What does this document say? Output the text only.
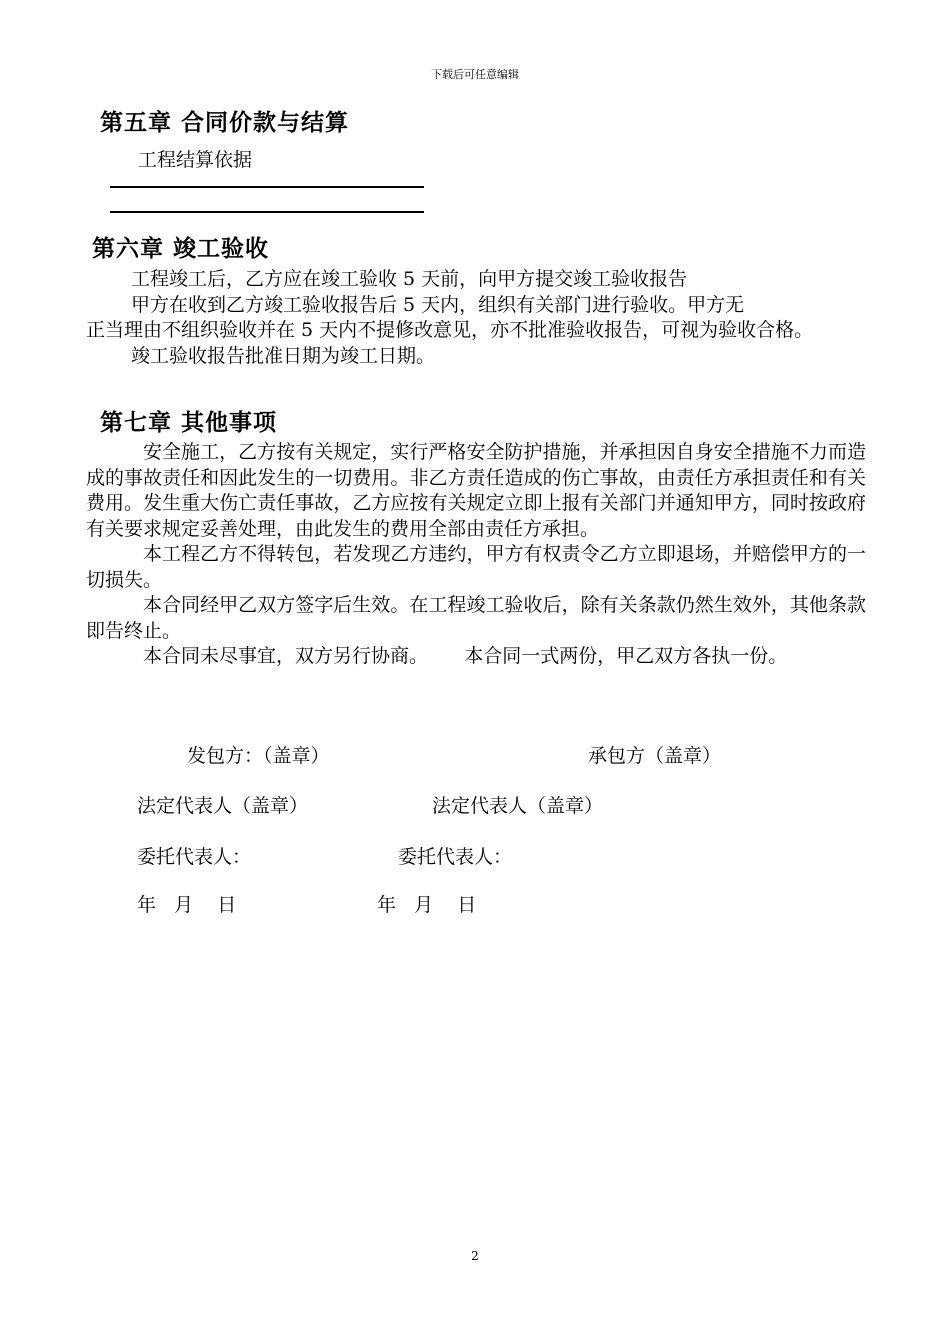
下载后可任意编辑
第五章 合同价款与结算
工程结算依据
第六章 竣工验收
工程竣工后，乙方应在竣工验收 5 天前，向甲方提交竣工验收报告
甲方在收到乙方竣工验收报告后 5 天内，组织有关部门进行验收。甲方无
正当理由不组织验收并在 5 天内不提修改意见，亦不批准验收报告，可视为验收合格。
竣工验收报告批准日期为竣工日期。
第七章 其他事项
安全施工，乙方按有关规定，实行严格安全防护措施，并承担因自身安全措施不力而造成的事故责任和因此发生的一切费用。非乙方责任造成的伤亡事故，由责任方承担责任和有关费用。发生重大伤亡责任事故，乙方应按有关规定立即上报有关部门并通知甲方，同时按政府有关要求规定妥善处理，由此发生的费用全部由责任方承担。
本工程乙方不得转包，若发现乙方违约，甲方有权责令乙方立即退场，并赔偿甲方的一切损失。
本合同经甲乙双方签字后生效。在工程竣工验收后，除有关条款仍然生效外，其他条款即告终止。
本合同未尽事宜，双方另行协商。      本合同一式两份，甲乙双方各执一份。
发包方：（盖章）	承包方（盖章）
法定代表人（盖章）	法定代表人（盖章）
委托代表人：	委托代表人：
年   月    日	年   月    日
2
